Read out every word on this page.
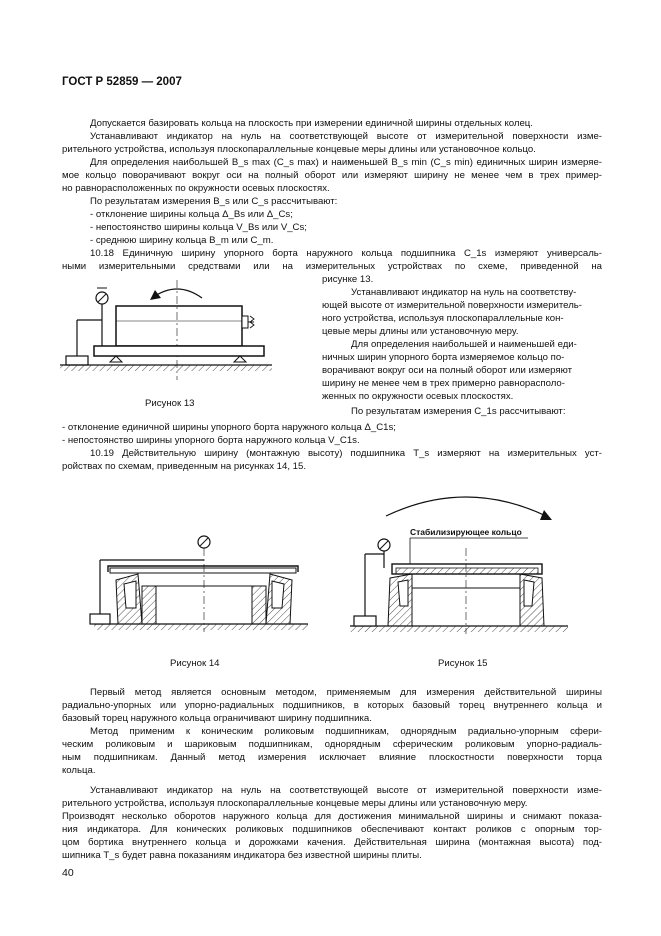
ГОСТ Р 52859 — 2007
Допускается базировать кольца на плоскость при измерении единичной ширины отдельных колец.
Устанавливают индикатор на нуль на соответствующей высоте от измерительной поверхности изме-
рительного устройства, используя плоскопараллельные концевые меры длины или установочное кольцо.
Для определения наибольшей B_s max (C_s max) и наименьшей B_s min (C_s min) единичных ширин измеряе-
мое кольцо поворачивают вокруг оси на полный оборот или измеряют ширину не менее чем в трех пример-
но равнорасположенных по окружности осевых плоскостях.
По результатам измерения B_s или C_s рассчитывают:
- отклонение ширины кольца Δ_Bs или Δ_Cs;
- непостоянство ширины кольца V_Bs или V_Cs;
- среднюю ширину кольца B_m или C_m.
10.18 Единичную ширину упорного борта наружного кольца подшипника C_1s измеряют универсаль-
ными измерительными средствами или на измерительных устройствах по схеме, приведенной на
рисунке 13.
Рисунок 13
Устанавливают индикатор на нуль на соответству-
ющей высоте от измерительной поверхности измеритель-
ного устройства, используя плоскопараллельные кон-
цевые меры длины или установочную меру.
Для определения наибольшей и наименьшей еди-
ничных ширин упорного борта измеряемое кольцо по-
ворачивают вокруг оси на полный оборот или измеряют
ширину не менее чем в трех примерно равнорасполо-
женных по окружности осевых плоскостях.
По результатам измерения C_1s рассчитывают:
- отклонение единичной ширины упорного борта наружного кольца Δ_C1s;
- непостоянство ширины упорного борта наружного кольца V_C1s.
10.19 Действительную ширину (монтажную высоту) подшипника T_s измеряют на измерительных уст-
ройствах по схемам, приведенным на рисунках 14, 15.
Рисунок 14
Стабилизирующее кольцо
Рисунок 15
Первый метод является основным методом, применяемым для измерения действительной ширины
радиально-упорных или упорно-радиальных подшипников, в которых базовый торец внутреннего кольца и
базовый торец наружного кольца ограничивают ширину подшипника.
Метод применим к коническим роликовым подшипникам, однорядным радиально-упорным сфери-
ческим роликовым и шариковым подшипникам, однорядным сферическим роликовым упорно-радиаль-
ным подшипникам. Данный метод измерения исключает влияние плоскостности поверхности торца
кольца.
Устанавливают индикатор на нуль на соответствующей высоте от измерительной поверхности изме-
рительного устройства, используя плоскопараллельные концевые меры длины или установочную меру.
Производят несколько оборотов наружного кольца для достижения минимальной ширины и снимают показа-
ния индикатора. Для конических роликовых подшипников обеспечивают контакт роликов с опорным тор-
цом бортика внутреннего кольца и дорожками качения. Действительная ширина (монтажная высота) под-
шипника T_s будет равна показаниям индикатора без известной ширины плиты.
40
